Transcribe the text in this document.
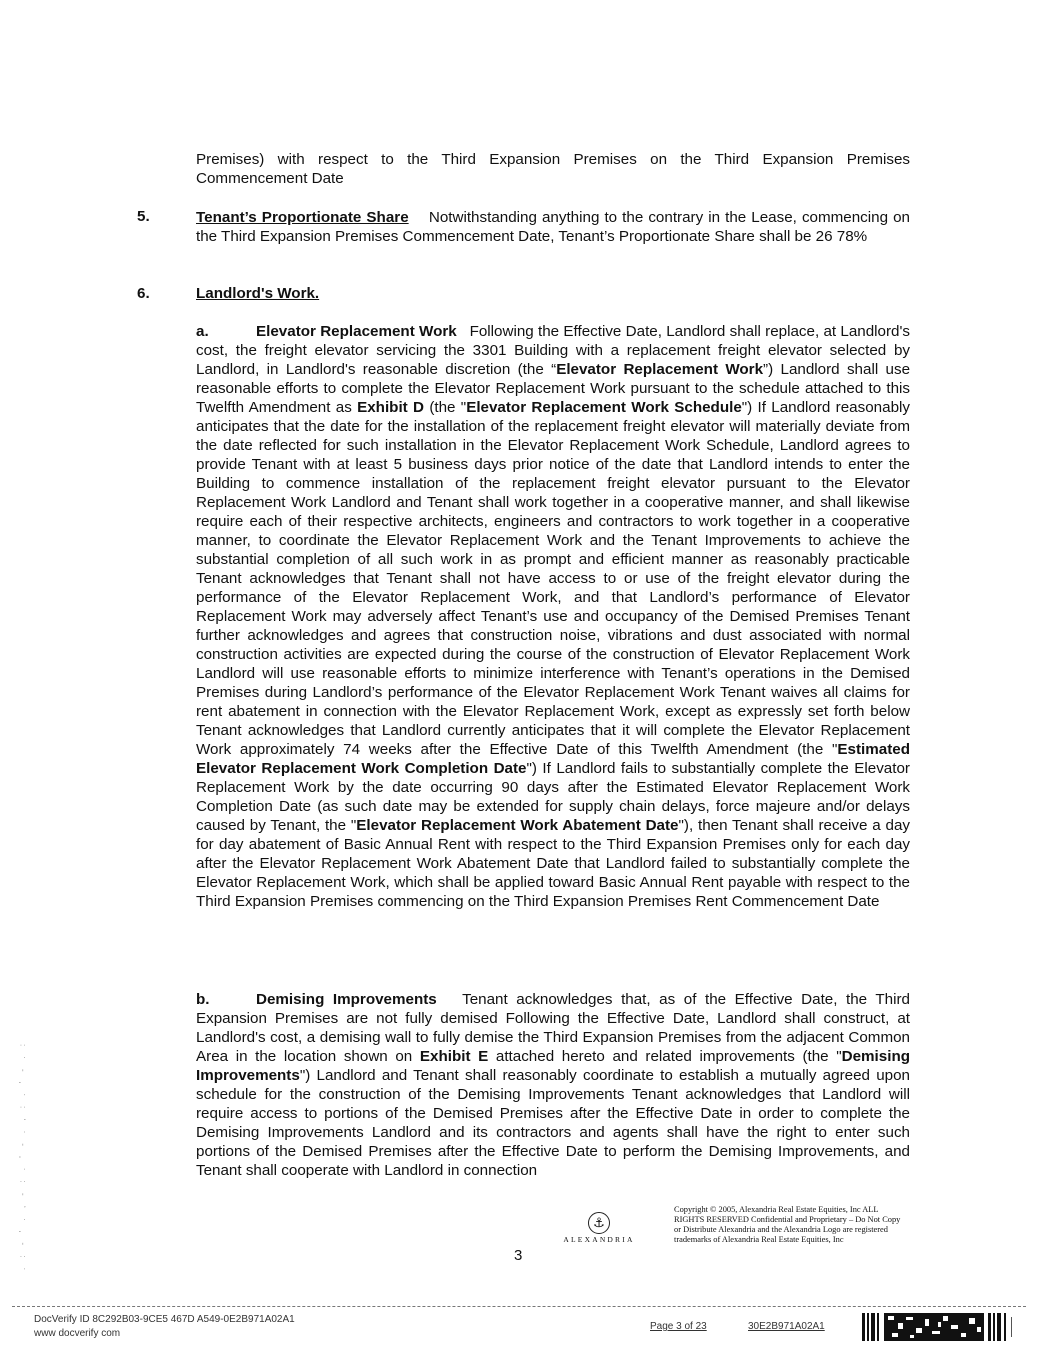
Premises) with respect to the Third Expansion Premises on the Third Expansion Premises Commencement Date

5.	Tenant’s Proportionate Share Notwithstanding anything to the contrary in the Lease, commencing on the Third Expansion Premises Commencement Date, Tenant’s Proportionate Share shall be 26 78%

6.	Landlord's Work.

a.	Elevator Replacement Work Following the Effective Date, Landlord shall replace, at Landlord's cost, the freight elevator servicing the 3301 Building with a replacement freight elevator selected by Landlord, in Landlord's reasonable discretion (the “Elevator Replacement Work”) Landlord shall use reasonable efforts to complete the Elevator Replacement Work pursuant to the schedule attached to this Twelfth Amendment as Exhibit D (the "Elevator Replacement Work Schedule") If Landlord reasonably anticipates that the date for the installation of the replacement freight elevator will materially deviate from the date reflected for such installation in the Elevator Replacement Work Schedule, Landlord agrees to provide Tenant with at least 5 business days prior notice of the date that Landlord intends to enter the Building to commence installation of the replacement freight elevator pursuant to the Elevator Replacement Work Landlord and Tenant shall work together in a cooperative manner, and shall likewise require each of their respective architects, engineers and contractors to work together in a cooperative manner, to coordinate the Elevator Replacement Work and the Tenant Improvements to achieve the substantial completion of all such work in as prompt and efficient manner as reasonably practicable Tenant acknowledges that Tenant shall not have access to or use of the freight elevator during the performance of the Elevator Replacement Work, and that Landlord’s performance of Elevator Replacement Work may adversely affect Tenant’s use and occupancy of the Demised Premises Tenant further acknowledges and agrees that construction noise, vibrations and dust associated with normal construction activities are expected during the course of the construction of Elevator Replacement Work Landlord will use reasonable efforts to minimize interference with Tenant’s operations in the Demised Premises during Landlord’s performance of the Elevator Replacement Work Tenant waives all claims for rent abatement in connection with the Elevator Replacement Work, except as expressly set forth below Tenant acknowledges that Landlord currently anticipates that it will complete the Elevator Replacement Work approximately 74 weeks after the Effective Date of this Twelfth Amendment (the "Estimated Elevator Replacement Work Completion Date") If Landlord fails to substantially complete the Elevator Replacement Work by the date occurring 90 days after the Estimated Elevator Replacement Work Completion Date (as such date may be extended for supply chain delays, force majeure and/or delays caused by Tenant, the "Elevator Replacement Work Abatement Date"), then Tenant shall receive a day for day abatement of Basic Annual Rent with respect to the Third Expansion Premises only for each day after the Elevator Replacement Work Abatement Date that Landlord failed to substantially complete the Elevator Replacement Work, which shall be applied toward Basic Annual Rent payable with respect to the Third Expansion Premises commencing on the Third Expansion Premises Rent Commencement Date

b.	Demising Improvements Tenant acknowledges that, as of the Effective Date, the Third Expansion Premises are not fully demised Following the Effective Date, Landlord shall construct, at Landlord's cost, a demising wall to fully demise the Third Expansion Premises from the adjacent Common Area in the location shown on Exhibit E attached hereto and related improvements (the "Demising Improvements") Landlord and Tenant shall reasonably coordinate to establish a mutually agreed upon schedule for the construction of the Demising Improvements Tenant acknowledges that Landlord will require access to portions of the Demised Premises after the Effective Date in order to complete the Demising Improvements Landlord and its contractors and agents shall have the right to enter such portions of the Demised Premises after the Effective Date to perform the Demising Improvements, and Tenant shall cooperate with Landlord in connection

⚓
ALEXANDRIA
Copyright © 2005, Alexandria Real Estate Equities, Inc ALL RIGHTS RESERVED Confidential and Proprietary – Do Not Copy or Distribute Alexandria and the Alexandria Logo are registered trademarks of Alexandria Real Estate Equities, Inc
3
. : - ' . , - : . ' - . , : . ' - . :
DocVerify ID 8C292B03-9CE5 467D A549-0E2B971A02A1
www docverify com
Page 3 of 23	30E2B971A02A1
